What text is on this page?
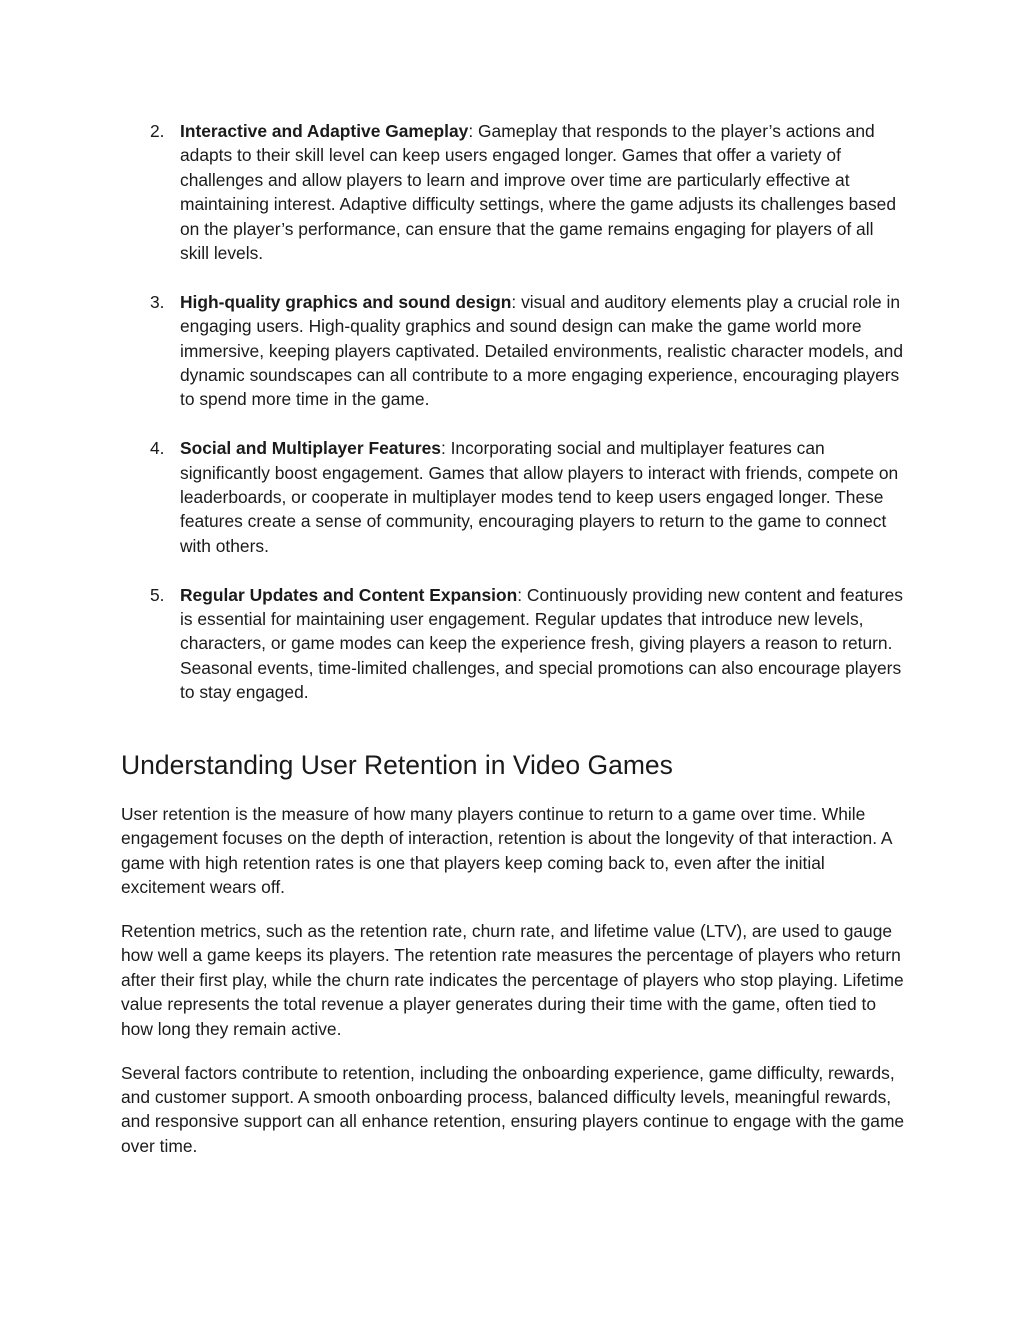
2. Interactive and Adaptive Gameplay: Gameplay that responds to the player’s actions and adapts to their skill level can keep users engaged longer. Games that offer a variety of challenges and allow players to learn and improve over time are particularly effective at maintaining interest. Adaptive difficulty settings, where the game adjusts its challenges based on the player’s performance, can ensure that the game remains engaging for players of all skill levels.
3. High-quality graphics and sound design: visual and auditory elements play a crucial role in engaging users. High-quality graphics and sound design can make the game world more immersive, keeping players captivated. Detailed environments, realistic character models, and dynamic soundscapes can all contribute to a more engaging experience, encouraging players to spend more time in the game.
4. Social and Multiplayer Features: Incorporating social and multiplayer features can significantly boost engagement. Games that allow players to interact with friends, compete on leaderboards, or cooperate in multiplayer modes tend to keep users engaged longer. These features create a sense of community, encouraging players to return to the game to connect with others.
5. Regular Updates and Content Expansion: Continuously providing new content and features is essential for maintaining user engagement. Regular updates that introduce new levels, characters, or game modes can keep the experience fresh, giving players a reason to return. Seasonal events, time-limited challenges, and special promotions can also encourage players to stay engaged.
Understanding User Retention in Video Games

User retention is the measure of how many players continue to return to a game over time. While engagement focuses on the depth of interaction, retention is about the longevity of that interaction. A game with high retention rates is one that players keep coming back to, even after the initial excitement wears off.

Retention metrics, such as the retention rate, churn rate, and lifetime value (LTV), are used to gauge how well a game keeps its players. The retention rate measures the percentage of players who return after their first play, while the churn rate indicates the percentage of players who stop playing. Lifetime value represents the total revenue a player generates during their time with the game, often tied to how long they remain active.

Several factors contribute to retention, including the onboarding experience, game difficulty, rewards, and customer support. A smooth onboarding process, balanced difficulty levels, meaningful rewards, and responsive support can all enhance retention, ensuring players continue to engage with the game over time.
